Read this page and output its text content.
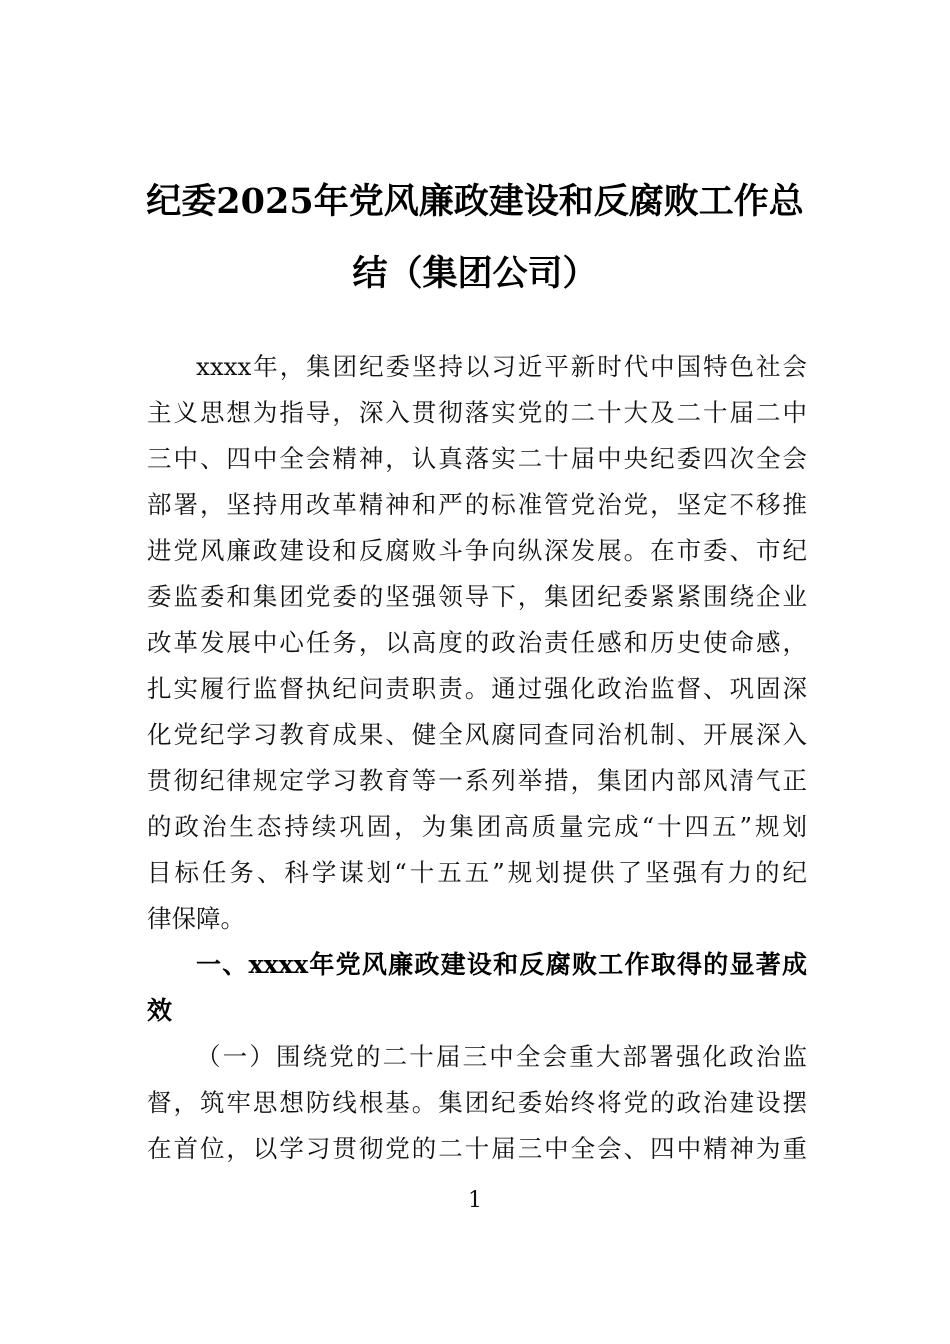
纪委2025年党风廉政建设和反腐败工作总
结（集团公司）

xxxx年，集团纪委坚持以习近平新时代中国特色社会
主义思想为指导，深入贯彻落实党的二十大及二十届二中
三中、四中全会精神，认真落实二十届中央纪委四次全会
部署，坚持用改革精神和严的标准管党治党，坚定不移推
进党风廉政建设和反腐败斗争向纵深发展。在市委、市纪
委监委和集团党委的坚强领导下，集团纪委紧紧围绕企业
改革发展中心任务，以高度的政治责任感和历史使命感，
扎实履行监督执纪问责职责。通过强化政治监督、巩固深
化党纪学习教育成果、健全风腐同查同治机制、开展深入
贯彻纪律规定学习教育等一系列举措，集团内部风清气正
的政治生态持续巩固，为集团高质量完成“十四五”规划
目标任务、科学谋划“十五五”规划提供了坚强有力的纪
律保障。

一、xxxx年党风廉政建设和反腐败工作取得的显著成
效

（一）围绕党的二十届三中全会重大部署强化政治监
督，筑牢思想防线根基。集团纪委始终将党的政治建设摆
在首位，以学习贯彻党的二十届三中全会、四中精神为重

1
